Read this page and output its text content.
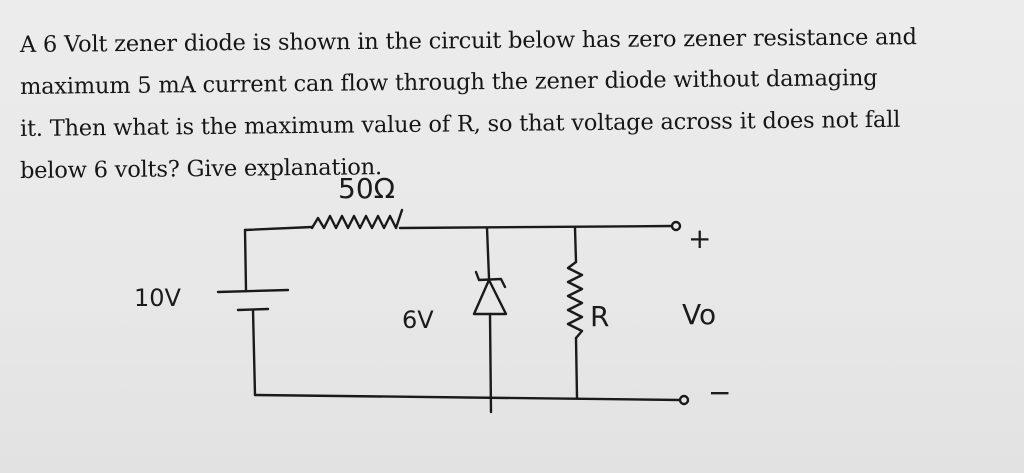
A 6 Volt zener diode is shown in the circuit below has zero zener resistance and
maximum 5 mA current can flow through the zener diode without damaging
it. Then what is the maximum value of R, so that voltage across it does not fall
below 6 volts? Give explanation.
50Ω
10V
6V	R	Vo
+
−
